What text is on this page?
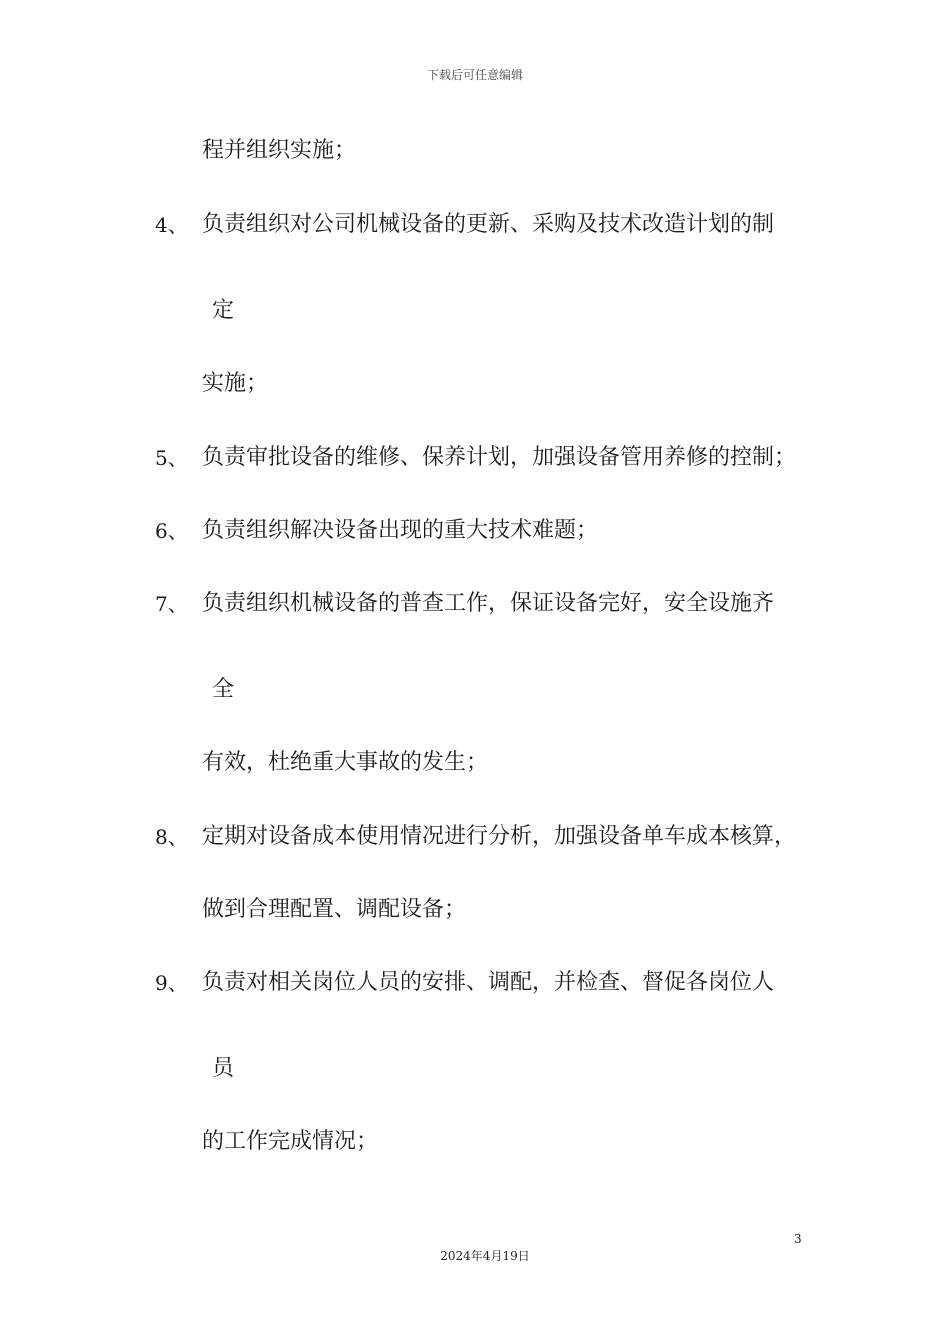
下载后可任意编辑
程并组织实施；
4、 负责组织对公司机械设备的更新、采购及技术改造计划的制
定
实施；
5、 负责审批设备的维修、保养计划，加强设备管用养修的控制；
6、 负责组织解决设备出现的重大技术难题；
7、 负责组织机械设备的普查工作，保证设备完好，安全设施齐
全
有效，杜绝重大事故的发生；
8、 定期对设备成本使用情况进行分析，加强设备单车成本核算，
做到合理配置、调配设备；
9、 负责对相关岗位人员的安排、调配，并检查、督促各岗位人
员
的工作完成情况；
3
2024年4月19日
